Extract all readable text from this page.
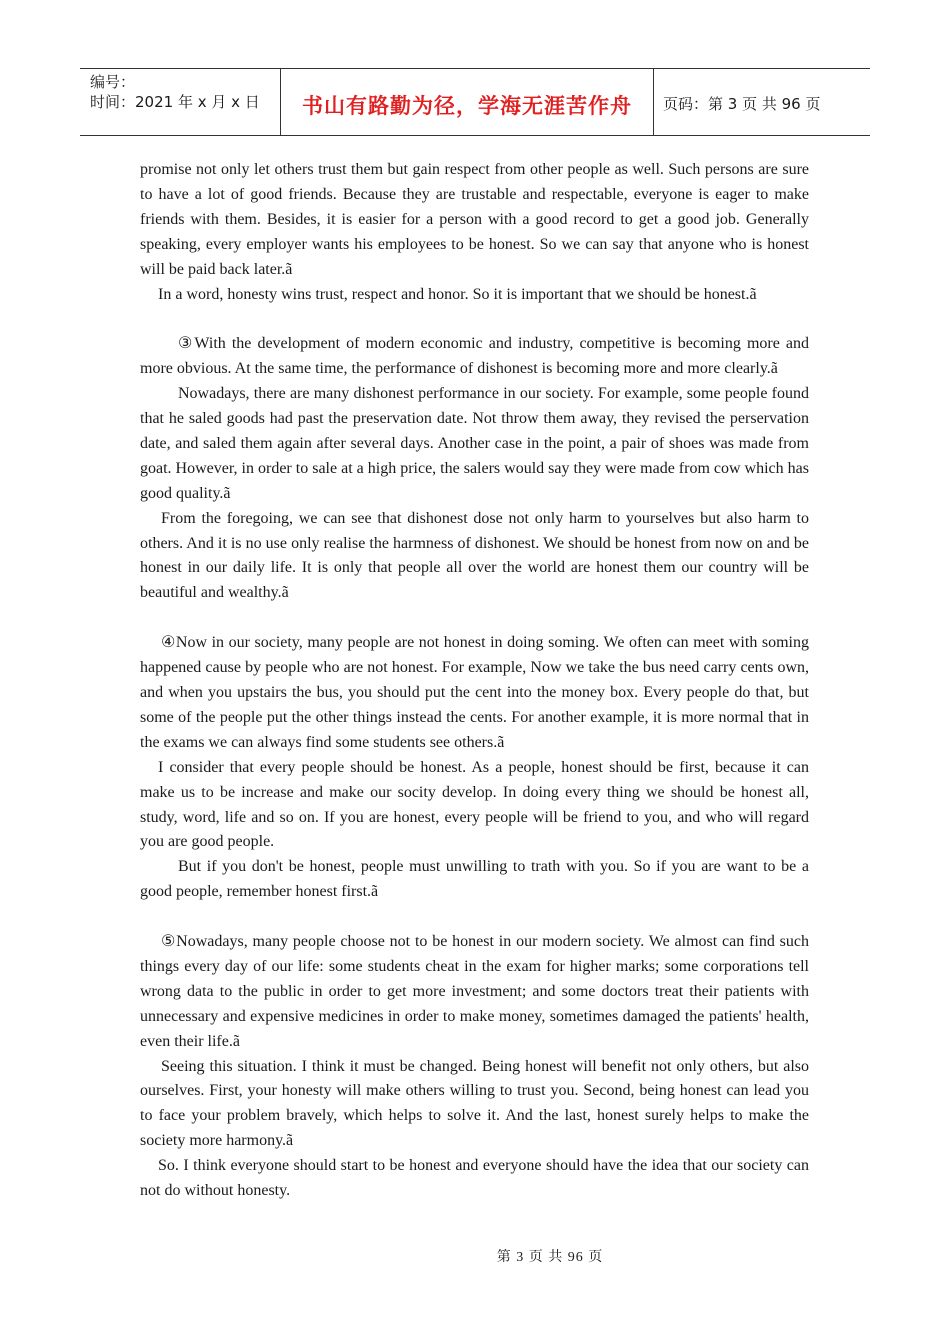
编号：
时间：2021 年 x 月 x 日	书山有路勤为径，学海无涯苦作舟	页码：第 3 页 共 96 页

promise not only let others trust them but gain respect from other people as well. Such persons are sure to have a lot of good friends. Because they are trustable and respectable, everyone is eager to make friends with them. Besides, it is easier for a person with a good record to get a good job. Generally speaking, every employer wants his employees to be honest. So we can say that anyone who is honest will be paid back later.ã

In a word, honesty wins trust, respect and honor. So it is important that we should be honest.ã

③With the development of modern economic and industry, competitive is becoming more and more obvious. At the same time, the performance of dishonest is becoming more and more clearly.ã

Nowadays, there are many dishonest performance in our society. For example, some people found that he saled goods had past the preservation date. Not throw them away, they revised the perservation date, and saled them again after several days. Another case in the point, a pair of shoes was made from goat. However, in order to sale at a high price, the salers would say they were made from cow which has good quality.ã

From the foregoing, we can see that dishonest dose not only harm to yourselves but also harm to others. And it is no use only realise the harmness of dishonest. We should be honest from now on and be honest in our daily life. It is only that people all over the world are honest them our country will be beautiful and wealthy.ã

④Now in our society, many people are not honest in doing soming. We often can meet with soming happened cause by people who are not honest. For example, Now we take the bus need carry cents own, and when you upstairs the bus, you should put the cent into the money box. Every people do that, but some of the people put the other things instead the cents. For another example, it is more normal that in the exams we can always find some students see others.ã

I consider that every people should be honest. As a people, honest should be first, because it can make us to be increase and make our socity develop. In doing every thing we should be honest all, study, word, life and so on. If you are honest, every people will be friend to you, and who will regard you are good people.

But if you don't be honest, people must unwilling to trath with you. So if you are want to be a good people, remember honest first.ã

⑤Nowadays, many people choose not to be honest in our modern society. We almost can find such things every day of our life: some students cheat in the exam for higher marks; some corporations tell wrong data to the public in order to get more investment; and some doctors treat their patients with unnecessary and expensive medicines in order to make money, sometimes damaged the patients' health, even their life.ã

Seeing this situation. I think it must be changed. Being honest will benefit not only others, but also ourselves. First, your honesty will make others willing to trust you. Second, being honest can lead you to face your problem bravely, which helps to solve it. And the last, honest surely helps to make the society more harmony.ã

So. I think everyone should start to be honest and everyone should have the idea that our society can not do without honesty.

第 3 页 共 96 页
